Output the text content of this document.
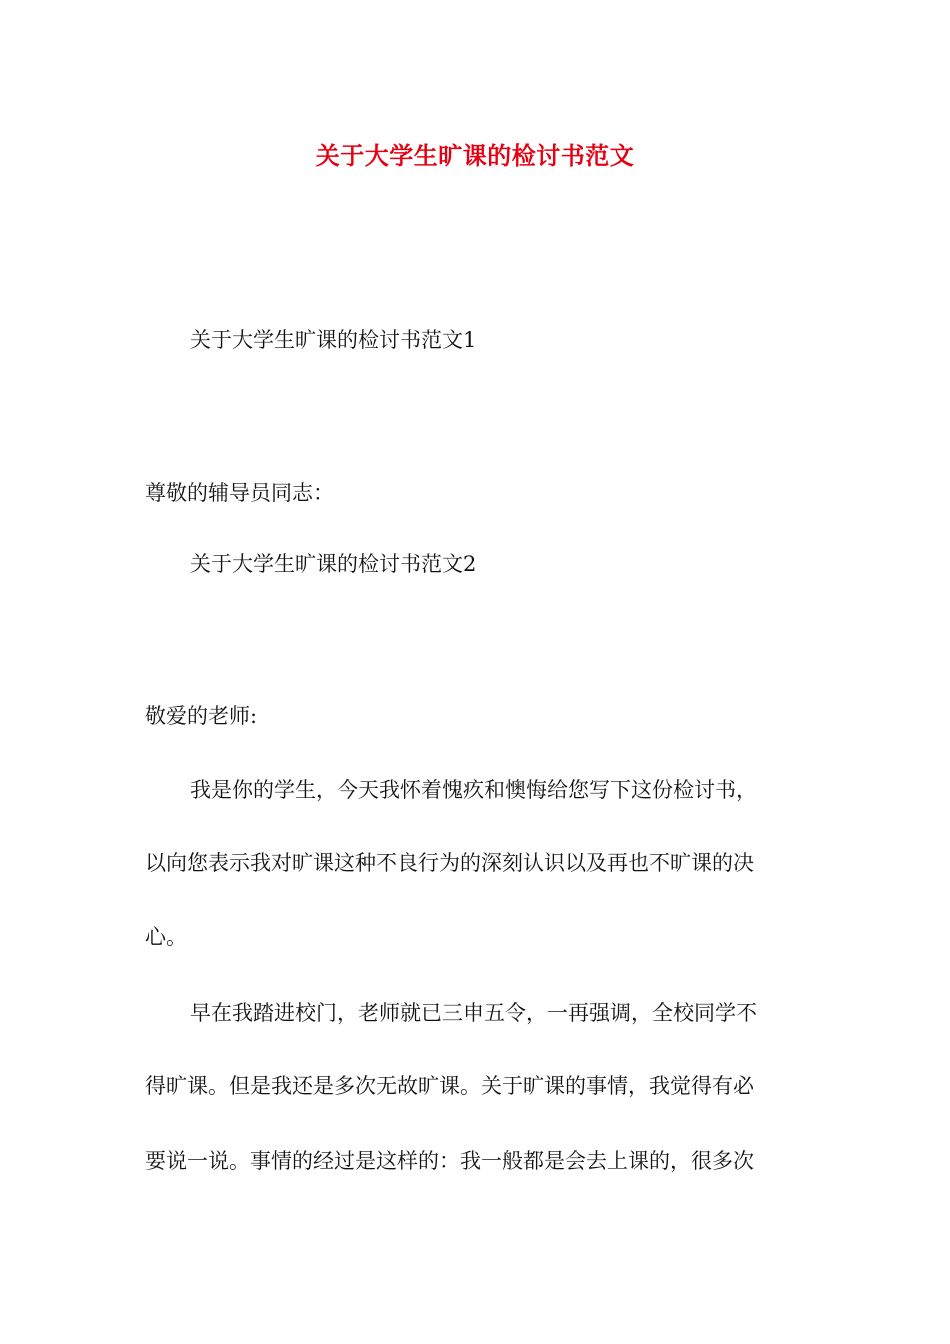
关于大学生旷课的检讨书范文
关于大学生旷课的检讨书范文1
尊敬的辅导员同志：
关于大学生旷课的检讨书范文2
敬爱的老师:
我是你的学生，今天我怀着愧疚和懊悔给您写下这份检讨书，
以向您表示我对旷课这种不良行为的深刻认识以及再也不旷课的决
心。
早在我踏进校门，老师就已三申五令，一再强调，全校同学不
得旷课。但是我还是多次无故旷课。关于旷课的事情，我觉得有必
要说一说。事情的经过是这样的：我一般都是会去上课的，很多次
